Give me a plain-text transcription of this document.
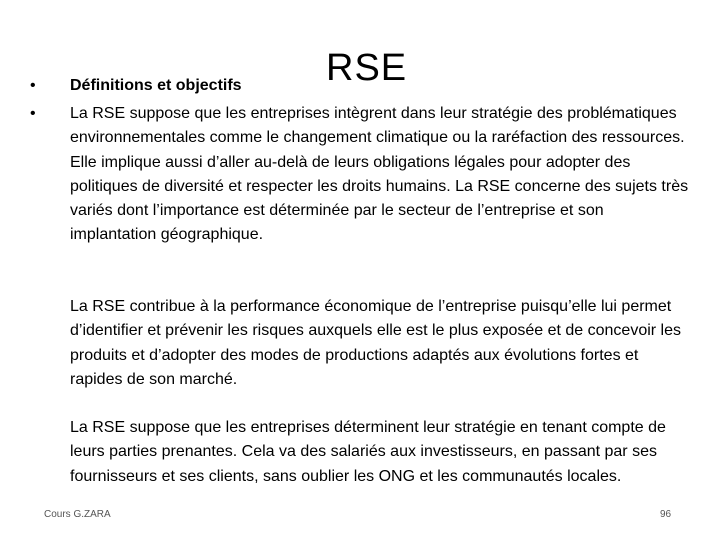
RSE
• Définitions et objectifs
• La RSE suppose que les entreprises intègrent dans leur stratégie des problématiques environnementales comme le changement climatique ou la raréfaction des ressources. Elle implique aussi d’aller au-delà de leurs obligations légales pour adopter des politiques de diversité et respecter les droits humains. La RSE concerne des sujets très variés dont l’importance est déterminée par le secteur de l’entreprise et son implantation géographique.
La RSE contribue à la performance économique de l’entreprise puisqu’elle lui permet d’identifier et prévenir les risques auxquels elle est le plus exposée et de concevoir les produits et d’adopter des modes de productions adaptés aux évolutions fortes et rapides de son marché.
La RSE suppose que les entreprises déterminent leur stratégie en tenant compte de leurs parties prenantes. Cela va des salariés aux investisseurs, en passant par ses fournisseurs et ses clients, sans oublier les ONG et les communautés locales.
Cours G.ZARA	96
